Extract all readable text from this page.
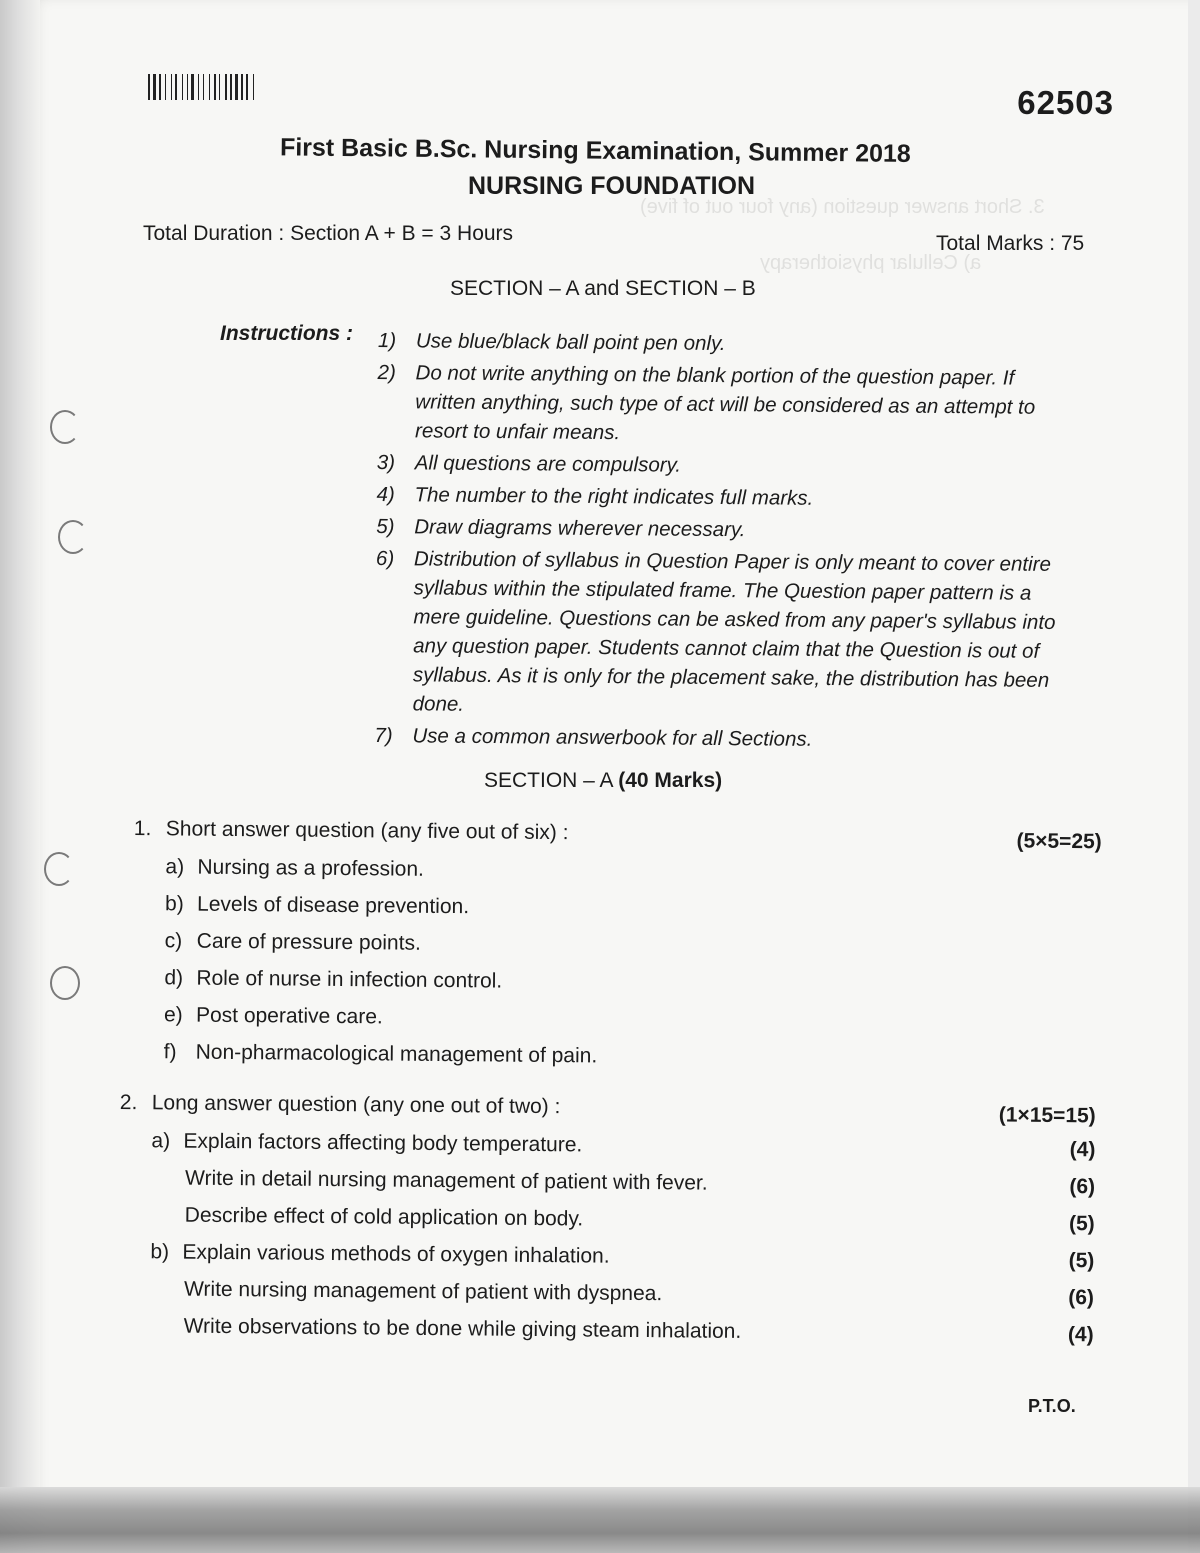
3. Short answer question (any four out of five)
a) Cellular physiotherapy
62503
First Basic B.Sc. Nursing Examination, Summer 2018
NURSING FOUNDATION
Total Duration : Section A + B = 3 Hours	Total Marks : 75
SECTION – A and SECTION – B
Instructions : 1) Use blue/black ball point pen only.
2) Do not write anything on the blank portion of the question paper. If written anything, such type of act will be considered as an attempt to resort to unfair means.
3) All questions are compulsory.
4) The number to the right indicates full marks.
5) Draw diagrams wherever necessary.
6) Distribution of syllabus in Question Paper is only meant to cover entire syllabus within the stipulated frame. The Question paper pattern is a mere guideline. Questions can be asked from any paper's syllabus into any question paper. Students cannot claim that the Question is out of syllabus. As it is only for the placement sake, the distribution has been done.
7) Use a common answerbook for all Sections.
SECTION – A (40 Marks)
1. Short answer question (any five out of six) :	(5×5=25)
a) Nursing as a profession.
b) Levels of disease prevention.
c) Care of pressure points.
d) Role of nurse in infection control.
e) Post operative care.
f) Non-pharmacological management of pain.
2. Long answer question (any one out of two) :	(1×15=15)
a) Explain factors affecting body temperature.	(4)
Write in detail nursing management of patient with fever.	(6)
Describe effect of cold application on body.	(5)
b) Explain various methods of oxygen inhalation.	(5)
Write nursing management of patient with dyspnea.	(6)
Write observations to be done while giving steam inhalation.	(4)
P.T.O.
